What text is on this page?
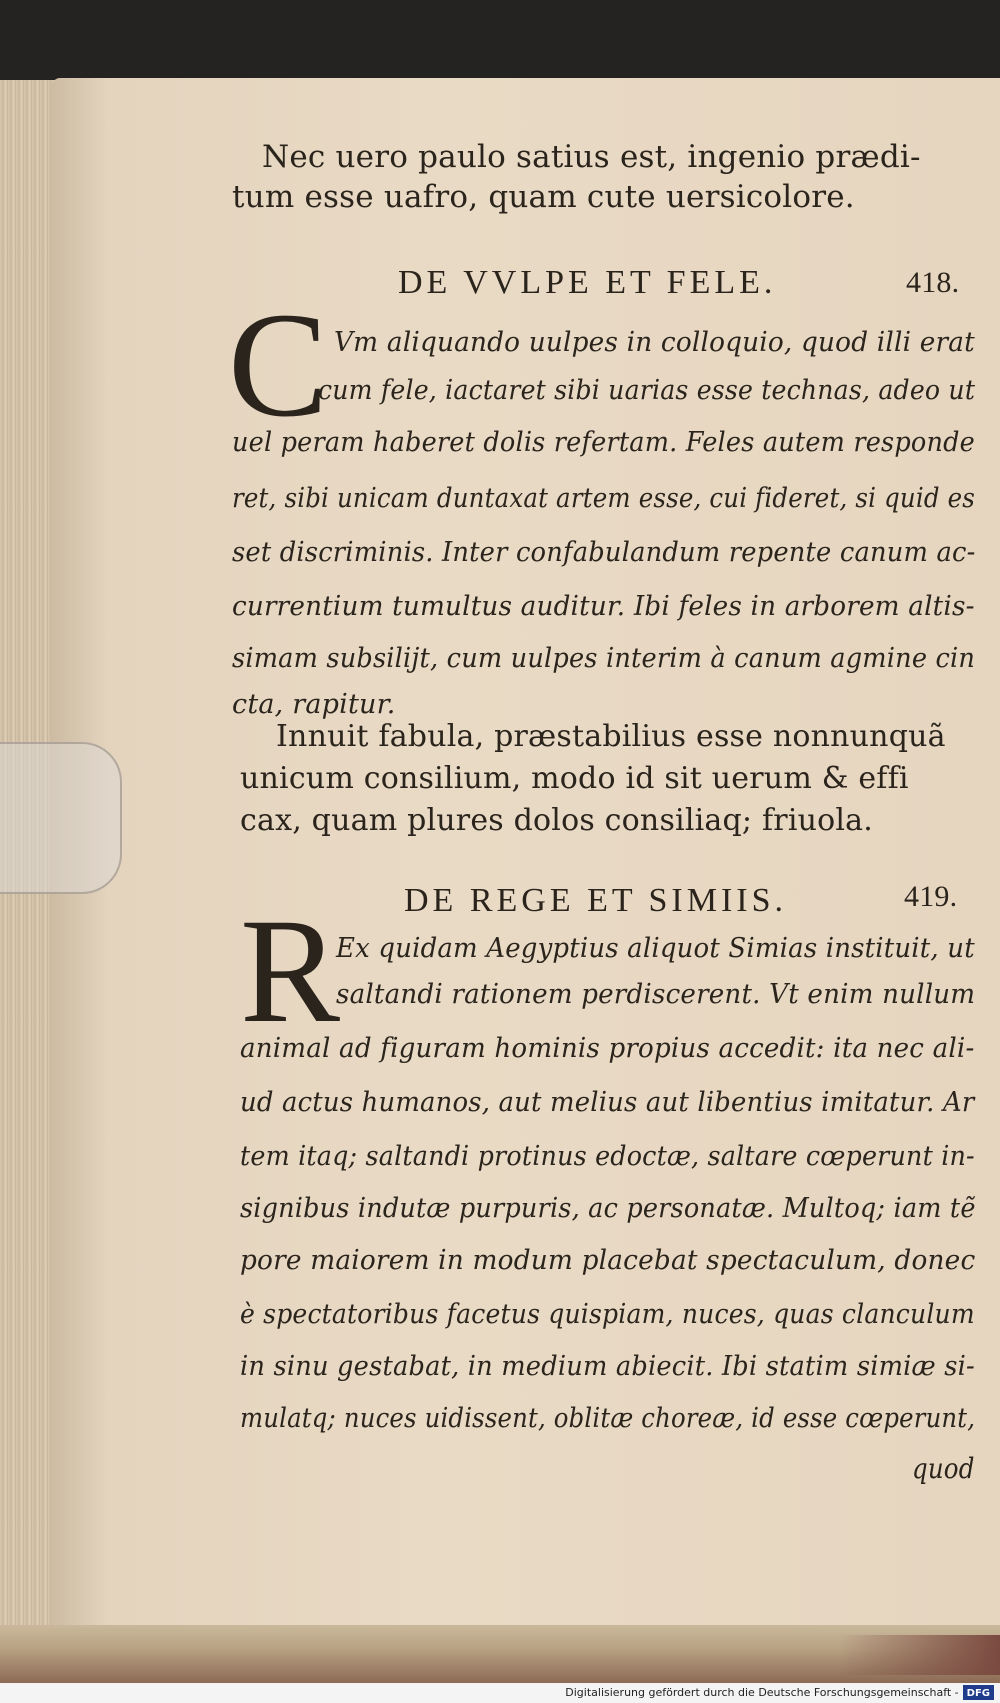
Nec uero paulo satius est, ingenio prædi-
tum esse uafro, quam cute uersicolore.
DE VVLPE ET FELE.	418.
C Vm aliquando uulpes in colloquio, quod illi erat
cum fele, iactaret sibi uarias esse technas, adeo ut
uel peram haberet dolis refertam. Feles autem responde
ret, sibi unicam duntaxat artem esse, cui fideret, si quid es
set discriminis. Inter confabulandum repente canum ac-
currentium tumultus auditur. Ibi feles in arborem altis-
simam subsilijt, cum uulpes interim à canum agmine cin
cta, rapitur.
Innuit fabula, præstabilius esse nonnunquã
unicum consilium, modo id sit uerum & effi
cax, quam plures dolos consiliaq; friuola.
DE REGE ET SIMIIS.	419.
R
Ex quidam Aegyptius aliquot Simias instituit, ut
saltandi rationem perdiscerent. Vt enim nullum
animal ad figuram hominis propius accedit: ita nec ali-
ud actus humanos, aut melius aut libentius imitatur. Ar
tem itaq; saltandi protinus edoctæ, saltare cœperunt in-
signibus indutæ purpuris, ac personatæ. Multoq; iam tẽ
pore maiorem in modum placebat spectaculum, donec
è spectatoribus facetus quispiam, nuces, quas clanculum
in sinu gestabat, in medium abiecit. Ibi statim simiæ si-
mulatq; nuces uidissent, oblitæ choreæ, id esse cœperunt,
quod
Digitalisierung gefördert durch die Deutsche Forschungsgemeinschaft - DFG
